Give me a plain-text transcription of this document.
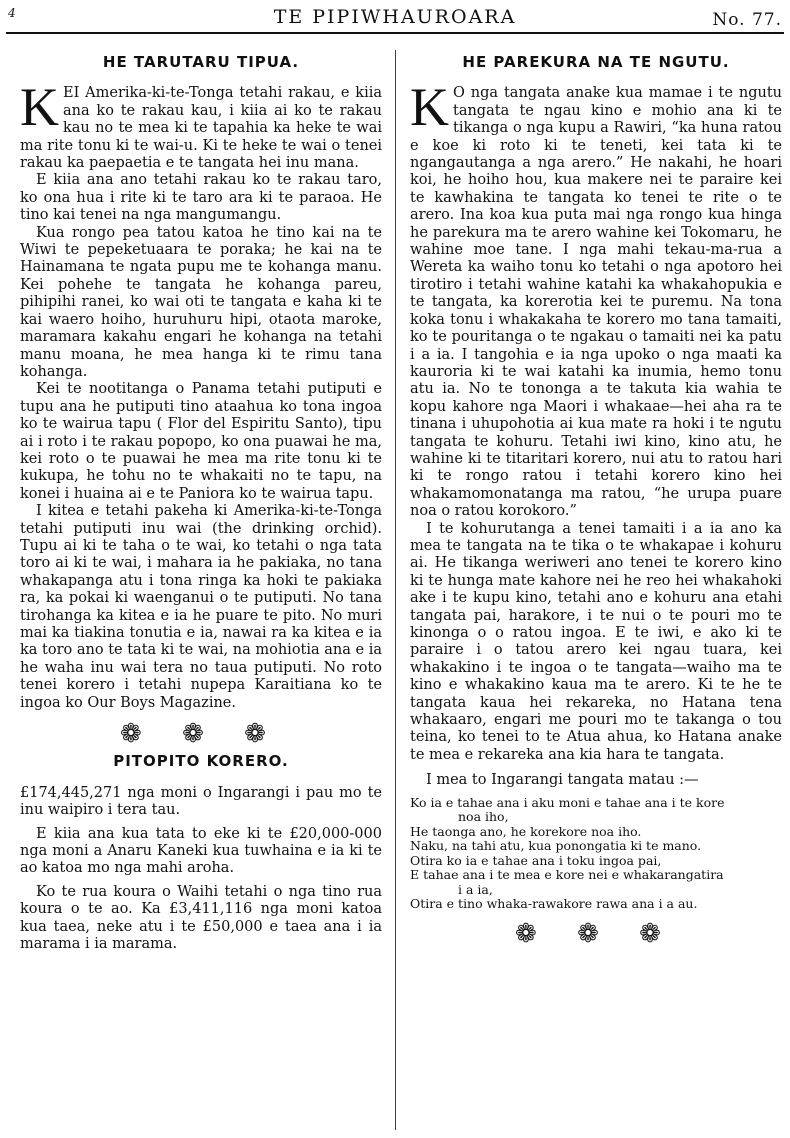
4	TE PIPIWHAUROARA	No. 77.
HE TARUTARU TIPUA.

KEI Amerika-ki-te-Tonga tetahi rakau, e kiia ana ko te rakau kau, i kiia ai ko te rakau kau no te mea ki te tapahia ka heke te wai ma rite tonu ki te wai-u. Ki te heke te wai o tenei rakau ka paepaetia e te tangata hei inu mana.

E kiia ana ano tetahi rakau ko te rakau taro, ko ona hua i rite ki te taro ara ki te paraoa. He tino kai tenei na nga mangumangu.

Kua rongo pea tatou katoa he tino kai na te Wiwi te pepeketuaara te poraka; he kai na te Hainamana te ngata pupu me te kohanga manu. Kei pohehe te tangata he kohanga pareu, pihipihi ranei, ko wai oti te tangata e kaha ki te kai waero hoiho, huruhuru hipi, otaota maroke, maramara kakahu engari he kohanga na tetahi manu moana, he mea hanga ki te rimu tana kohanga.

Kei te nootitanga o Panama tetahi putiputi e tupu ana he putiputi tino ataahua ko tona ingoa ko te wairua tapu ( Flor del Espiritu Santo), tipu ai i roto i te rakau popopo, ko ona puawai he ma, kei roto o te puawai he mea ma rite tonu ki te kukupa, he tohu no te whakaiti no te tapu, na konei i huaina ai e te Paniora ko te wairua tapu.

I kitea e tetahi pakeha ki Amerika-ki-te-Tonga tetahi putiputi inu wai (the drinking orchid). Tupu ai ki te taha o te wai, ko tetahi o nga tata toro ai ki te wai, i mahara ia he pakiaka, no tana whakapanga atu i tona ringa ka hoki te pakiaka ra, ka pokai ki waenganui o te putiputi. No tana tirohanga ka kitea e ia he puare te pito. No muri mai ka tiakina tonutia e ia, nawai ra ka kitea e ia ka toro ano te tata ki te wai, na mohiotia ana e ia he waha inu wai tera no taua putiputi. No roto tenei korero i tetahi nupepa Karaitiana ko te ingoa ko Our Boys Magazine.

❁ ❁ ❁
PITOPITO KORERO.

£174,445,271 nga moni o Ingarangi i pau mo te inu waipiro i tera tau.

E kiia ana kua tata to eke ki te £20,000-000 nga moni a Anaru Kaneki kua tuwhaina e ia ki te ao katoa mo nga mahi aroha.

Ko te rua koura o Waihi tetahi o nga tino rua koura o te ao. Ka £3,411,116 nga moni katoa kua taea, neke atu i te £50,000 e taea ana i ia marama i ia marama.

HE PAREKURA NA TE NGUTU.

K O nga tangata anake kua mamae i te ngutu tangata te ngau kino e mohio ana ki te tikanga o nga kupu a Rawiri, “ka huna ratou e koe ki roto ki te teneti, kei tata ki te ngangautanga a nga arero.” He nakahi, he hoari koi, he hoiho hou, kua makere nei te paraire kei te kawhakina te tangata ko tenei te rite o te arero. Ina koa kua puta mai nga rongo kua hinga he parekura ma te arero wahine kei Tokomaru, he wahine moe tane. I nga mahi tekau-ma-rua a Wereta ka waiho tonu ko tetahi o nga apotoro hei tirotiro i tetahi wahine katahi ka whakahopukia e te tangata, ka korerotia kei te puremu. Na tona koka tonu i whakakaha te korero mo tana tamaiti, ko te pouritanga o te ngakau o tamaiti nei ka patu i a ia. I tangohia e ia nga upoko o nga maati ka kauroria ki te wai katahi ka inumia, hemo tonu atu ia. No te tononga a te takuta kia wahia te kopu kahore nga Maori i whakaae—hei aha ra te tinana i uhupohotia ai kua mate ra hoki i te ngutu tangata te kohuru. Tetahi iwi kino, kino atu, he wahine ki te titaritari korero, nui atu to ratou hari ki te rongo ratou i tetahi korero kino hei whakamomonatanga ma ratou, “he urupa puare noa o ratou korokoro.”

I te kohurutanga a tenei tamaiti i a ia ano ka mea te tangata na te tika o te whakapae i kohuru ai. He tikanga weriweri ano tenei te korero kino ki te hunga mate kahore nei he reo hei whakahoki ake i te kupu kino, tetahi ano e kohuru ana etahi tangata pai, harakore, i te nui o te pouri mo te kinonga o o ratou ingoa. E te iwi, e ako ki te paraire i o tatou arero kei ngau tuara, kei whakakino i te ingoa o te tangata—waiho ma te kino e whakakino kaua ma te arero. Ki te he te tangata kaua hei rekareka, no Hatana tena whakaaro, engari me pouri mo te takanga o tou teina, ko tenei to te Atua ahua, ko Hatana anake te mea e rekareka ana kia hara te tangata.

I mea to Ingarangi tangata matau :—

Ko ia e tahae ana i aku moni e tahae ana i te kore
noa iho,
He taonga ano, he korekore noa iho.
Naku, na tahi atu, kua ponongatia ki te mano.
Otira ko ia e tahae ana i toku ingoa pai,
E tahae ana i te mea e kore nei e whakarangatira
i a ia,
Otira e tino whaka-rawakore rawa ana i a au.
❁ ❁ ❁
